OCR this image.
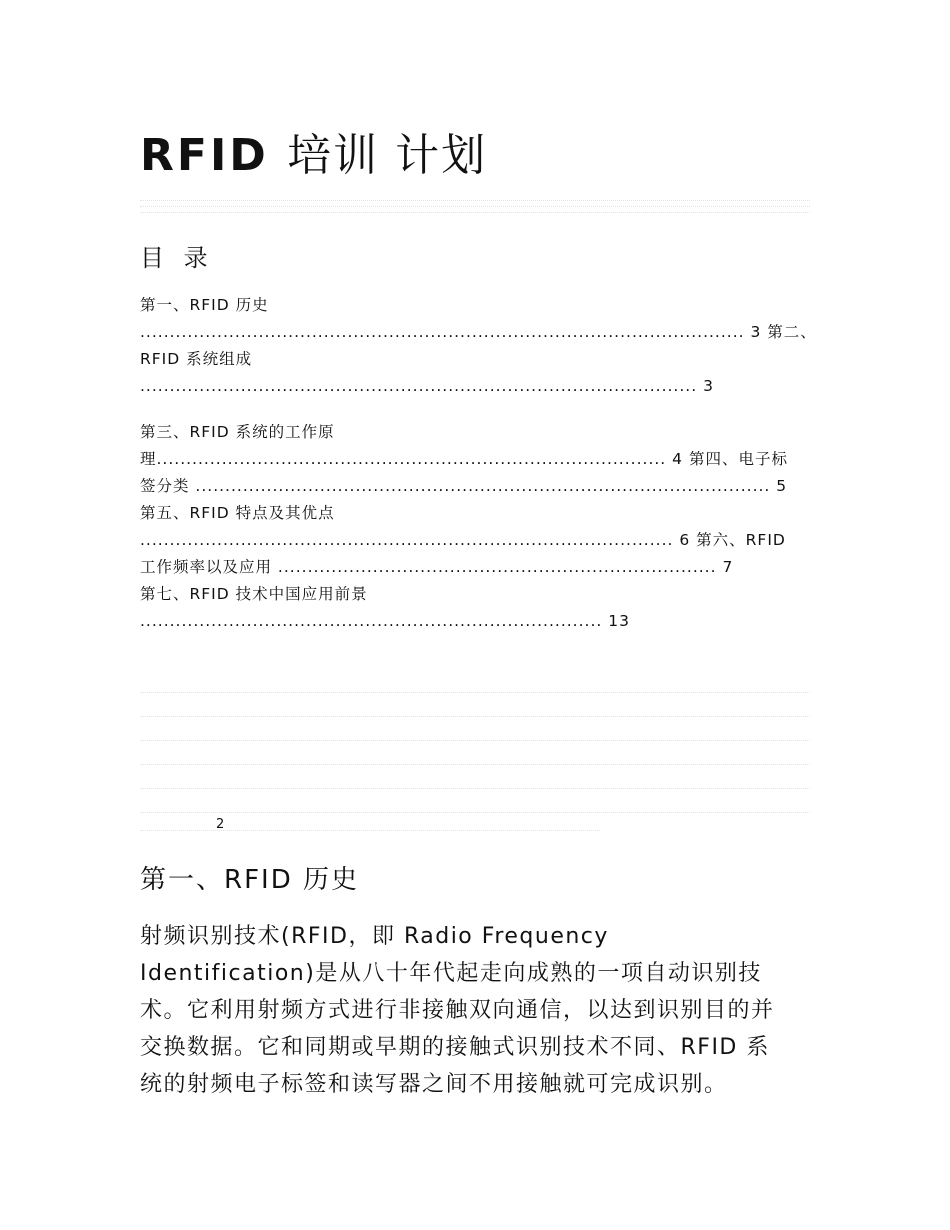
RFID 培训 计划
目 录
第一、RFID 历史
...................................................................................................... 3 第二、
RFID 系统组成
.............................................................................................. 3
第三、RFID 系统的工作原
理...................................................................................... 4 第四、电子标
签分类 ................................................................................................. 5
第五、RFID 特点及其优点
.......................................................................................... 6 第六、RFID
工作频率以及应用 .......................................................................... 7
第七、RFID 技术中国应用前景
.............................................................................. 13
2
第一、RFID 历史
射频识别技术(RFID，即 Radio Frequency
Identification)是从八十年代起走向成熟的一项自动识别技
术。它利用射频方式进行非接触双向通信，以达到识别目的并
交换数据。它和同期或早期的接触式识别技术不同、RFID 系
统的射频电子标签和读写器之间不用接触就可完成识别。
